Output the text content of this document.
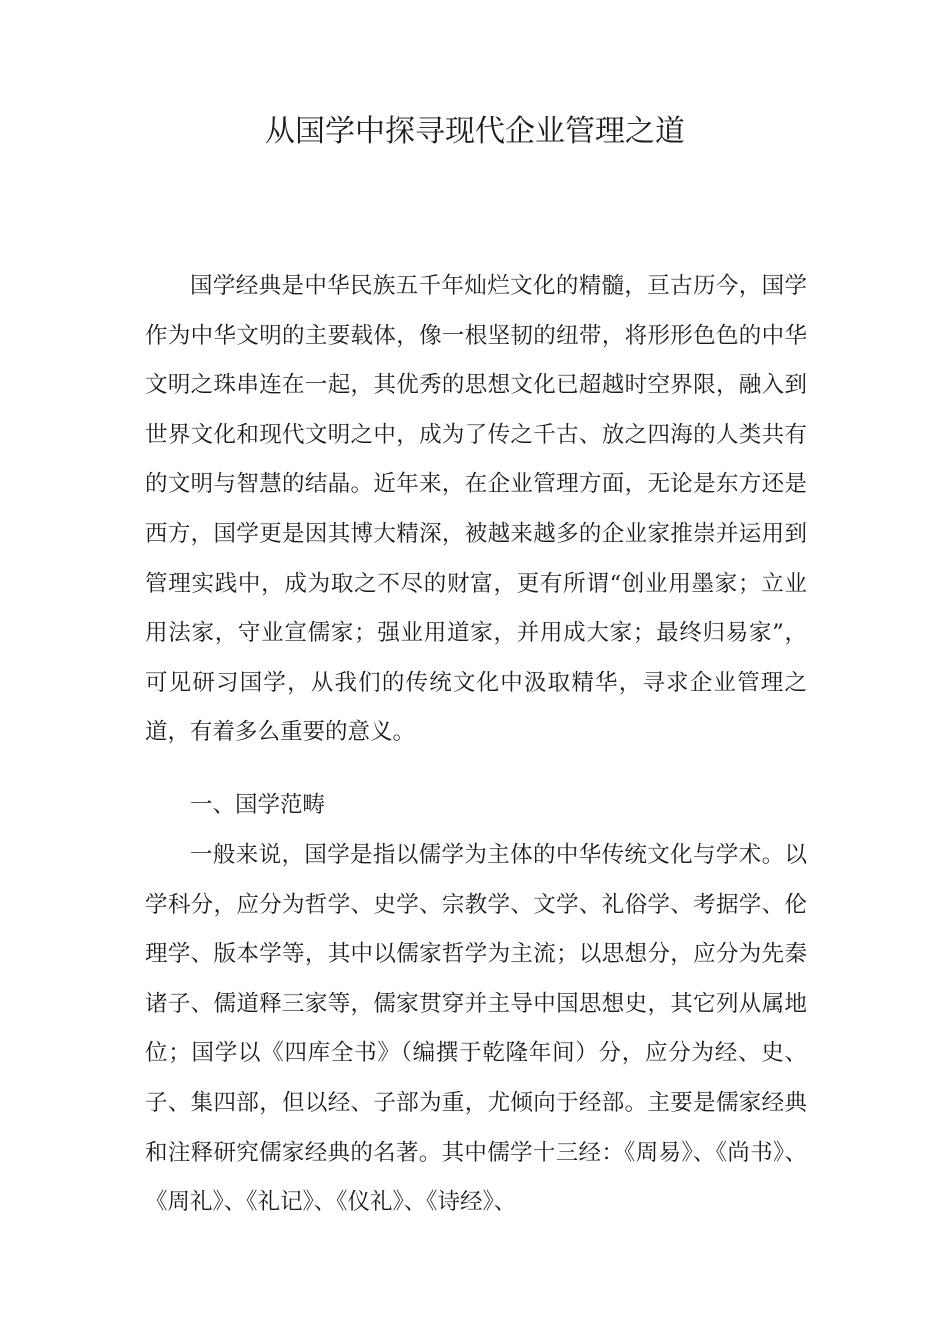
从国学中探寻现代企业管理之道

国学经典是中华民族五千年灿烂文化的精髓，亘古历今，国学作为中华文明的主要载体，像一根坚韧的纽带，将形形色色的中华文明之珠串连在一起，其优秀的思想文化已超越时空界限，融入到世界文化和现代文明之中，成为了传之千古、放之四海的人类共有的文明与智慧的结晶。近年来，在企业管理方面，无论是东方还是西方，国学更是因其博大精深，被越来越多的企业家推崇并运用到管理实践中，成为取之不尽的财富，更有所谓“创业用墨家；立业用法家，守业宣儒家；强业用道家，并用成大家；最终归易家”，可见研习国学，从我们的传统文化中汲取精华，寻求企业管理之道，有着多么重要的意义。

一、国学范畴

一般来说，国学是指以儒学为主体的中华传统文化与学术。以学科分，应分为哲学、史学、宗教学、文学、礼俗学、考据学、伦理学、版本学等，其中以儒家哲学为主流；以思想分，应分为先秦诸子、儒道释三家等，儒家贯穿并主导中国思想史，其它列从属地位；国学以《四库全书》（编撰于乾隆年间）分，应分为经、史、子、集四部，但以经、子部为重，尤倾向于经部。主要是儒家经典和注释研究儒家经典的名著。其中儒学十三经：《周易》、《尚书》、《周礼》、《礼记》、《仪礼》、《诗经》、
